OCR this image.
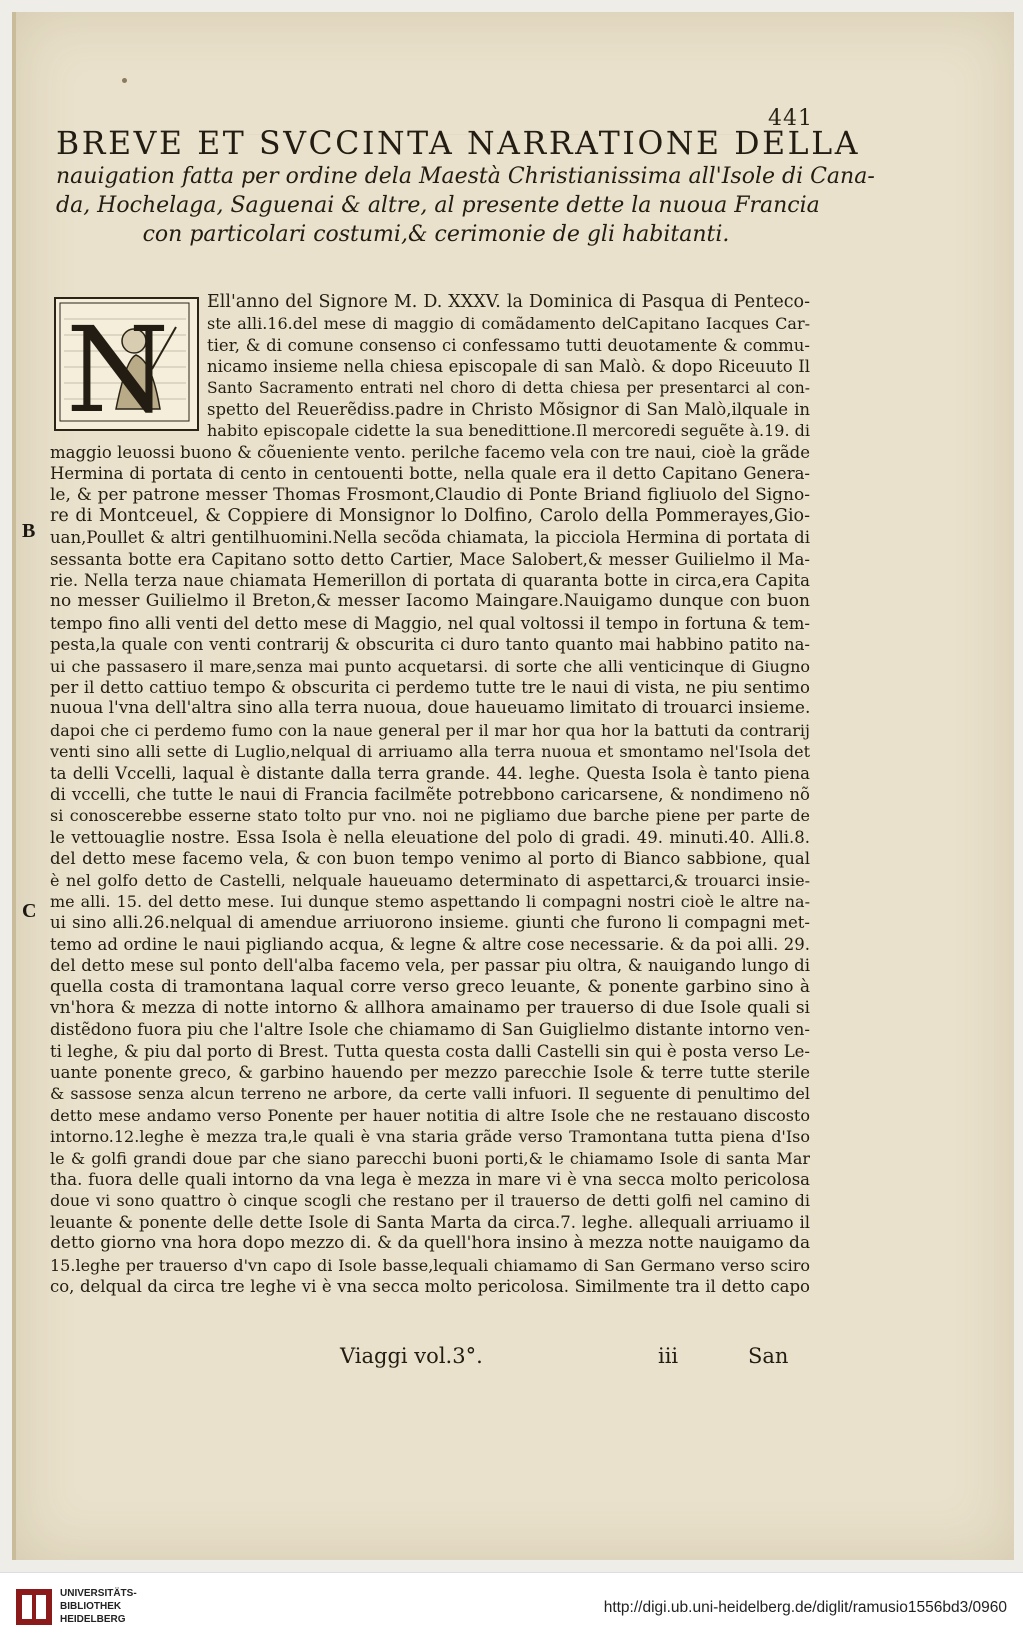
441
BREVE ET SVCCINTA NARRATIONE DELLA
nauigation fatta per ordine dela Maestà Christianissima all'Isole di Cana-
da, Hochelaga, Saguenai & altre, al presente dette la nuoua Francia
con particolari costumi,& cerimonie de gli habitanti.
N
B
C
Ell'anno del Signore M. D. XXXV. la Dominica di Pasqua di Penteco-
ste alli.16.del mese di maggio di comãdamento delCapitano Iacques Car-
tier, & di comune consenso ci confessamo tutti deuotamente & commu-
nicamo insieme nella chiesa episcopale di san Malò. & dopo Riceuuto Il
Santo Sacramento entrati nel choro di detta chiesa per presentarci al con-
spetto del Reuerẽdiss.padre in Christo Mõsignor di San Malò,ilquale in
habito episcopale cidette la sua benedittione.Il mercoredi seguẽte à.19. di
maggio leuossi buono & cõueniente vento. perilche facemo vela con tre naui, cioè la grãde
Hermina di portata di cento in centouenti botte, nella quale era il detto Capitano Genera-
le, & per patrone messer Thomas Frosmont,Claudio di Ponte Briand figliuolo del Signo-
re di Montceuel, & Coppiere di Monsignor lo Dolfino, Carolo della Pommerayes,Gio-
uan,Poullet & altri gentilhuomini.Nella secõda chiamata, la picciola Hermina di portata di
sessanta botte era Capitano sotto detto Cartier, Mace Salobert,& messer Guilielmo il Ma-
rie. Nella terza naue chiamata Hemerillon di portata di quaranta botte in circa,era Capita
no messer Guilielmo il Breton,& messer Iacomo Maingare.Nauigamo dunque con buon
tempo fino alli venti del detto mese di Maggio, nel qual voltossi il tempo in fortuna & tem-
pesta,la quale con venti contrarij & obscurita ci duro tanto quanto mai habbino patito na-
ui che passasero il mare,senza mai punto acquetarsi. di sorte che alli venticinque di Giugno
per il detto cattiuo tempo & obscurita ci perdemo tutte tre le naui di vista, ne piu sentimo
nuoua l'vna dell'altra sino alla terra nuoua, doue haueuamo limitato di trouarci insieme.
dapoi che ci perdemo fumo con la naue general per il mar hor qua hor la battuti da contrarij
venti sino alli sette di Luglio,nelqual di arriuamo alla terra nuoua et smontamo nel'Isola det
ta delli Vccelli, laqual è distante dalla terra grande. 44. leghe. Questa Isola è tanto piena
di vccelli, che tutte le naui di Francia facilmẽte potrebbono caricarsene, & nondimeno nõ
si conoscerebbe esserne stato tolto pur vno. noi ne pigliamo due barche piene per parte de
le vettouaglie nostre. Essa Isola è nella eleuatione del polo di gradi. 49. minuti.40. Alli.8.
del detto mese facemo vela, & con buon tempo venimo al porto di Bianco sabbione, qual
è nel golfo detto de Castelli, nelquale haueuamo determinato di aspettarci,& trouarci insie-
me alli. 15. del detto mese. Iui dunque stemo aspettando li compagni nostri cioè le altre na-
ui sino alli.26.nelqual di amendue arriuorono insieme. giunti che furono li compagni met-
temo ad ordine le naui pigliando acqua, & legne & altre cose necessarie. & da poi alli. 29.
del detto mese sul ponto dell'alba facemo vela, per passar piu oltra, & nauigando lungo di
quella costa di tramontana laqual corre verso greco leuante, & ponente garbino sino à
vn'hora & mezza di notte intorno & allhora amainamo per trauerso di due Isole quali si
distẽdono fuora piu che l'altre Isole che chiamamo di San Guiglielmo distante intorno ven-
ti leghe, & piu dal porto di Brest. Tutta questa costa dalli Castelli sin qui è posta verso Le-
uante ponente greco, & garbino hauendo per mezzo parecchie Isole & terre tutte sterile
& sassose senza alcun terreno ne arbore, da certe valli infuori. Il seguente di penultimo del
detto mese andamo verso Ponente per hauer notitia di altre Isole che ne restauano discosto
intorno.12.leghe è mezza tra,le quali è vna staria grãde verso Tramontana tutta piena d'Iso
le & golfi grandi doue par che siano parecchi buoni porti,& le chiamamo Isole di santa Mar
tha. fuora delle quali intorno da vna lega è mezza in mare vi è vna secca molto pericolosa
doue vi sono quattro ò cinque scogli che restano per il trauerso de detti golfi nel camino di
leuante & ponente delle dette Isole di Santa Marta da circa.7. leghe. allequali arriuamo il
detto giorno vna hora dopo mezzo di. & da quell'hora insino à mezza notte nauigamo da
15.leghe per trauerso d'vn capo di Isole basse,lequali chiamamo di San Germano verso sciro
co, delqual da circa tre leghe vi è vna secca molto pericolosa. Similmente tra il detto capo
Viaggi vol.3°.	iii	San
UNIVERSITÄTS-
BIBLIOTHEK
HEIDELBERG
http://digi.ub.uni-heidelberg.de/diglit/ramusio1556bd3/0960
